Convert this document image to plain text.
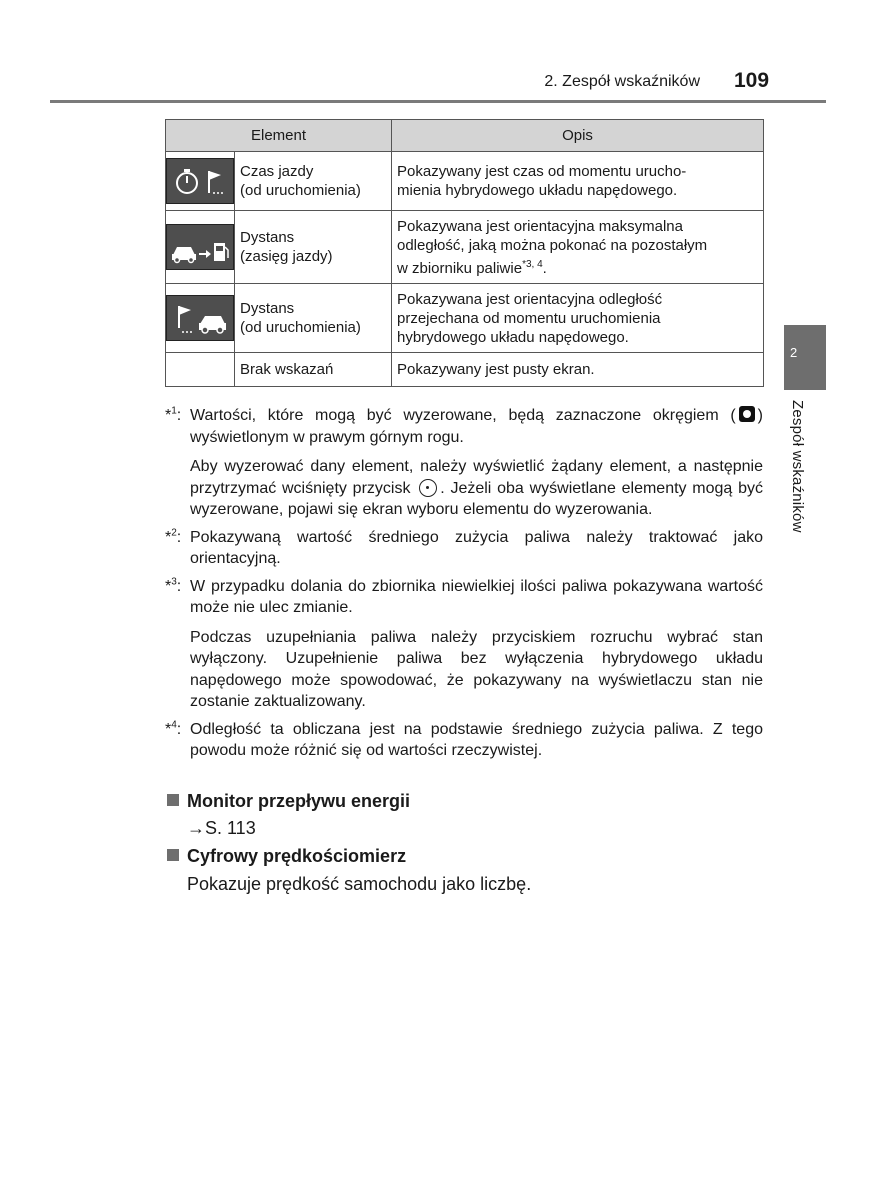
2. Zespół wskaźników 109
2
Zespół wskaźników
Element		Opis

	Czas jazdy
(od uruchomienia)	Pokazywany jest czas od momentu urucho-
mienia hybrydowego układu napędowego.

	Dystans
(zasięg jazdy)	Pokazywana jest orientacyjna maksymalna
odległość, jaką można pokonać na pozostałym
w zbiorniku paliwie$^{*3, 4}$.

	Dystans
(od uruchomienia)	Pokazywana jest orientacyjna odległość
przejechana od momentu uruchomienia
hybrydowego układu napędowego.
	Brak wskazań	Pokazywany jest pusty ekran.
*$^1$: Wartości, które mogą być wyzerowane, będą zaznaczone okręgiem ( ) wyświetlonym w prawym górnym rogu.

Aby wyzerować dany element, należy wyświetlić żądany element, a następnie przytrzymać wciśnięty przycisk . Jeżeli oba wyświetlane elementy mogą być wyzerowane, pojawi się ekran wyboru elementu do wyzerowania.

*$^2$: Pokazywaną wartość średniego zużycia paliwa należy traktować jako orientacyjną.

*$^3$: W przypadku dolania do zbiornika niewielkiej ilości paliwa pokazywana wartość może nie ulec zmianie.

Podczas uzupełniania paliwa należy przyciskiem rozruchu wybrać stan wyłączony. Uzupełnienie paliwa bez wyłączenia hybrydowego układu napędowego może spowodować, że pokazywany na wyświetlaczu stan nie zostanie zaktualizowany.

*$^4$: Odległość ta obliczana jest na podstawie średniego zużycia paliwa. Z tego powodu może różnić się od wartości rzeczywistej.

Monitor przepływu energii
→S. 113
Cyfrowy prędkościomierz
Pokazuje prędkość samochodu jako liczbę.
